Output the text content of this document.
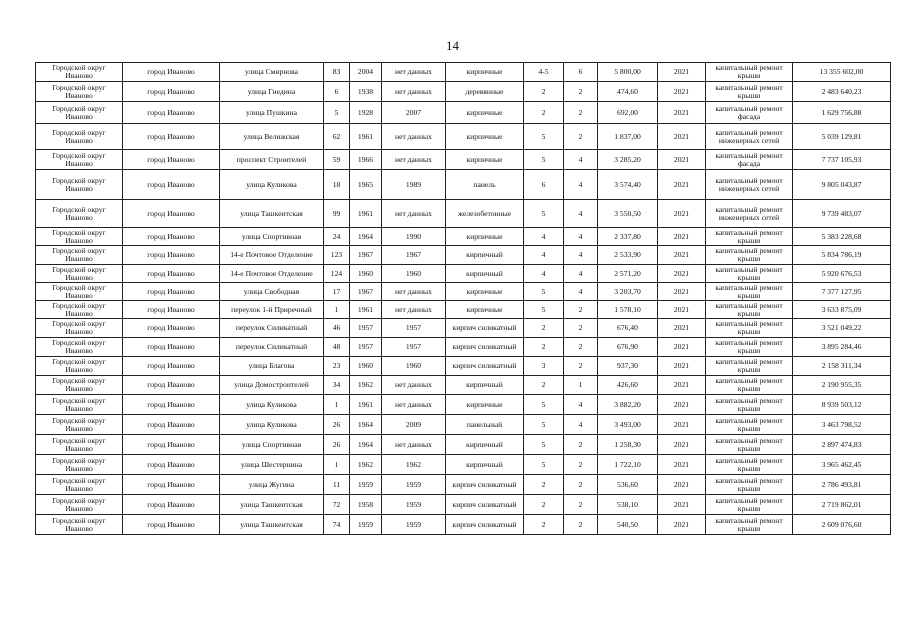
14
Городской округ Иваново	город Иваново	улица Смирнова	83	2004	нет данных	кирпичные	4-5	6	5 800,00	2021	капитальный ремонт крыши	13 355 602,00
Городской округ Иваново	город Иваново	улица Гнедина	6	1938	нет данных	деревянные	2	2	474,60	2021	капитальный ремонт крыши	2 483 640,23
Городской округ Иваново	город Иваново	улица Пушкина	5	1928	2007	кирпичные	2	2	692,00	2021	капитальный ремонт фасада	1 629 756,88
Городской округ Иваново	город Иваново	улица Велижская	62	1961	нет данных	кирпичные	5	2	1 837,00	2021	капитальный ремонт инженерных сетей	5 039 129,81
Городской округ Иваново	город Иваново	проспект Строителей	59	1966	нет данных	кирпичные	5	4	3 285,20	2021	капитальный ремонт фасада	7 737 105,93
Городской округ Иваново	город Иваново	улица Куликова	18	1965	1989	панель	6	4	3 574,40	2021	капитальный ремонт инженерных сетей	9 805 043,87
Городской округ Иваново	город Иваново	улица Ташкентская	99	1961	нет данных	железобетонные	5	4	3 550,50	2021	капитальный ремонт инженерных сетей	9 739 483,07
Городской округ Иваново	город Иваново	улица Спортивная	24	1964	1990	кирпичные	4	4	2 337,80	2021	капитальный ремонт крыши	5 383 228,68
Городской округ Иваново	город Иваново	14-е Почтовое Отделение	123	1967	1967	кирпичный	4	4	2 533,90	2021	капитальный ремонт крыши	5 834 786,19
Городской округ Иваново	город Иваново	14-е Почтовое Отделение	124	1960	1960	кирпичный	4	4	2 571,20	2021	капитальный ремонт крыши	5 920 676,53
Городской округ Иваново	город Иваново	улица Свободная	17	1967	нет данных	кирпичные	5	4	3 203,70	2021	капитальный ремонт крыши	7 377 127,95
Городской округ Иваново	город Иваново	переулок 1-й Приречный	1	1961	нет данных	кирпичные	5	2	1 578,10	2021	капитальный ремонт крыши	3 633 875,09
Городской округ Иваново	город Иваново	переулок Силикатный	46	1957	1957	кирпич силикатный	2	2	676,40	2021	капитальный ремонт крыши	3 521 049,22
Городской округ Иваново	город Иваново	переулок Силикатный	48	1957	1957	кирпич силикатный	2	2	676,90	2021	капитальный ремонт крыши	3 895 284,46
Городской округ Иваново	город Иваново	улица Благова	23	1960	1960	кирпич силикатный	3	2	937,30	2021	капитальный ремонт крыши	2 158 311,34
Городской округ Иваново	город Иваново	улица Домостроителей	34	1962	нет данных	кирпичный	2	1	426,60	2021	капитальный ремонт крыши	2 190 955,35
Городской округ Иваново	город Иваново	улица Куликова	1	1961	нет данных	кирпичные	5	4	3 882,20	2021	капитальный ремонт крыши	8 939 503,12
Городской округ Иваново	город Иваново	улица Куликова	26	1964	2009	панельный	5	4	3 493,00	2021	капитальный ремонт крыши	3 463 798,52
Городской округ Иваново	город Иваново	улица Спортивная	26	1964	нет данных	кирпичный	5	2	1 258,30	2021	капитальный ремонт крыши	2 897 474,83
Городской округ Иваново	город Иваново	улица Шестернина	1	1962	1962	кирпичный	5	2	1 722,10	2021	капитальный ремонт крыши	3 965 462,45
Городской округ Иваново	город Иваново	улица Жугина	11	1959	1959	кирпич силикатный	2	2	536,60	2021	капитальный ремонт крыши	2 786 493,81
Городской округ Иваново	город Иваново	улица Ташкентская	72	1958	1959	кирпич силикатный	2	2	538,10	2021	капитальный ремонт крыши	2 719 862,01
Городской округ Иваново	город Иваново	улица Ташкентская	74	1959	1959	кирпич силикатный	2	2	540,50	2021	капитальный ремонт крыши	2 609 076,60
